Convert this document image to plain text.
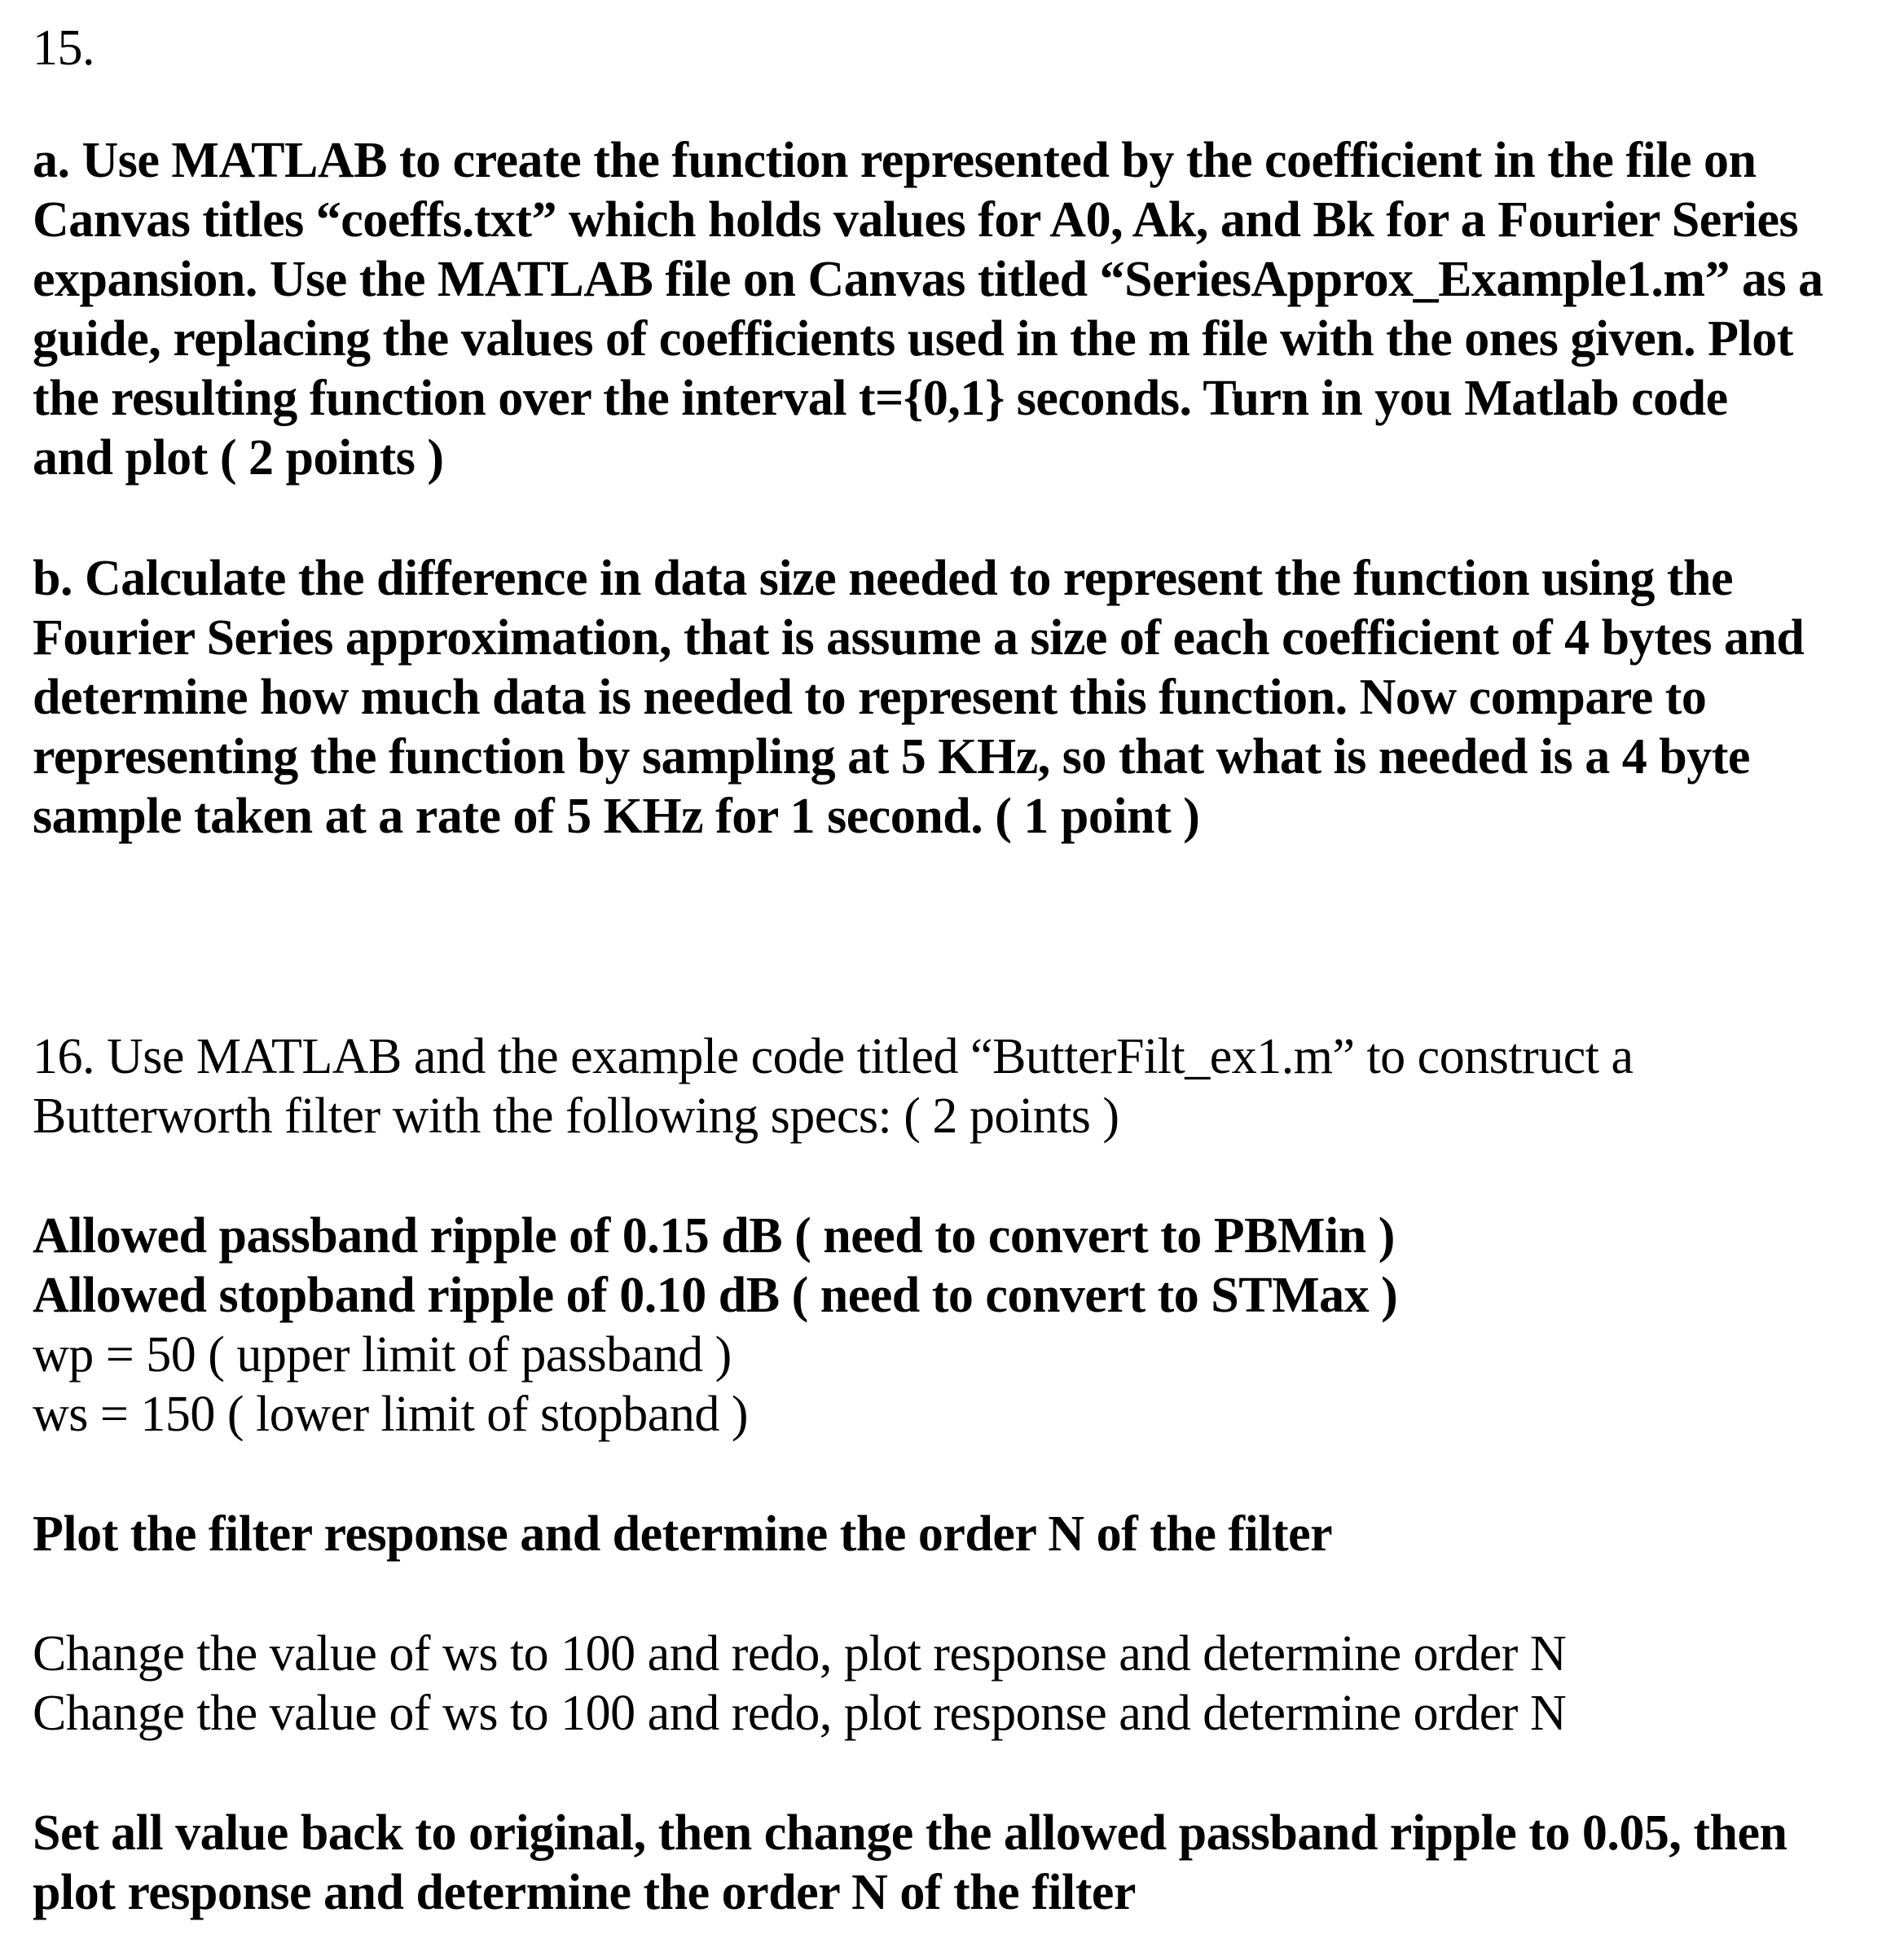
15.
a. Use MATLAB to create the function represented by the coefficient in the file on
Canvas titles “coeffs.txt” which holds values for A0, Ak, and Bk for a Fourier Series
expansion. Use the MATLAB file on Canvas titled “SeriesApprox_Example1.m” as a
guide, replacing the values of coefficients used in the m file with the ones given. Plot
the resulting function over the interval t={0,1} seconds. Turn in you Matlab code
and plot ( 2 points )
b. Calculate the difference in data size needed to represent the function using the
Fourier Series approximation, that is assume a size of each coefficient of 4 bytes and
determine how much data is needed to represent this function. Now compare to
representing the function by sampling at 5 KHz, so that what is needed is a 4 byte
sample taken at a rate of 5 KHz for 1 second. ( 1 point )
16. Use MATLAB and the example code titled “ButterFilt_ex1.m” to construct a
Butterworth filter with the following specs: ( 2 points )
Allowed passband ripple of 0.15 dB ( need to convert to PBMin )
Allowed stopband ripple of 0.10 dB ( need to convert to STMax )
wp = 50 ( upper limit of passband )
ws = 150 ( lower limit of stopband )
Plot the filter response and determine the order N of the filter
Change the value of ws to 100 and redo, plot response and determine order N
Change the value of ws to 100 and redo, plot response and determine order N
Set all value back to original, then change the allowed passband ripple to 0.05, then
plot response and determine the order N of the filter
